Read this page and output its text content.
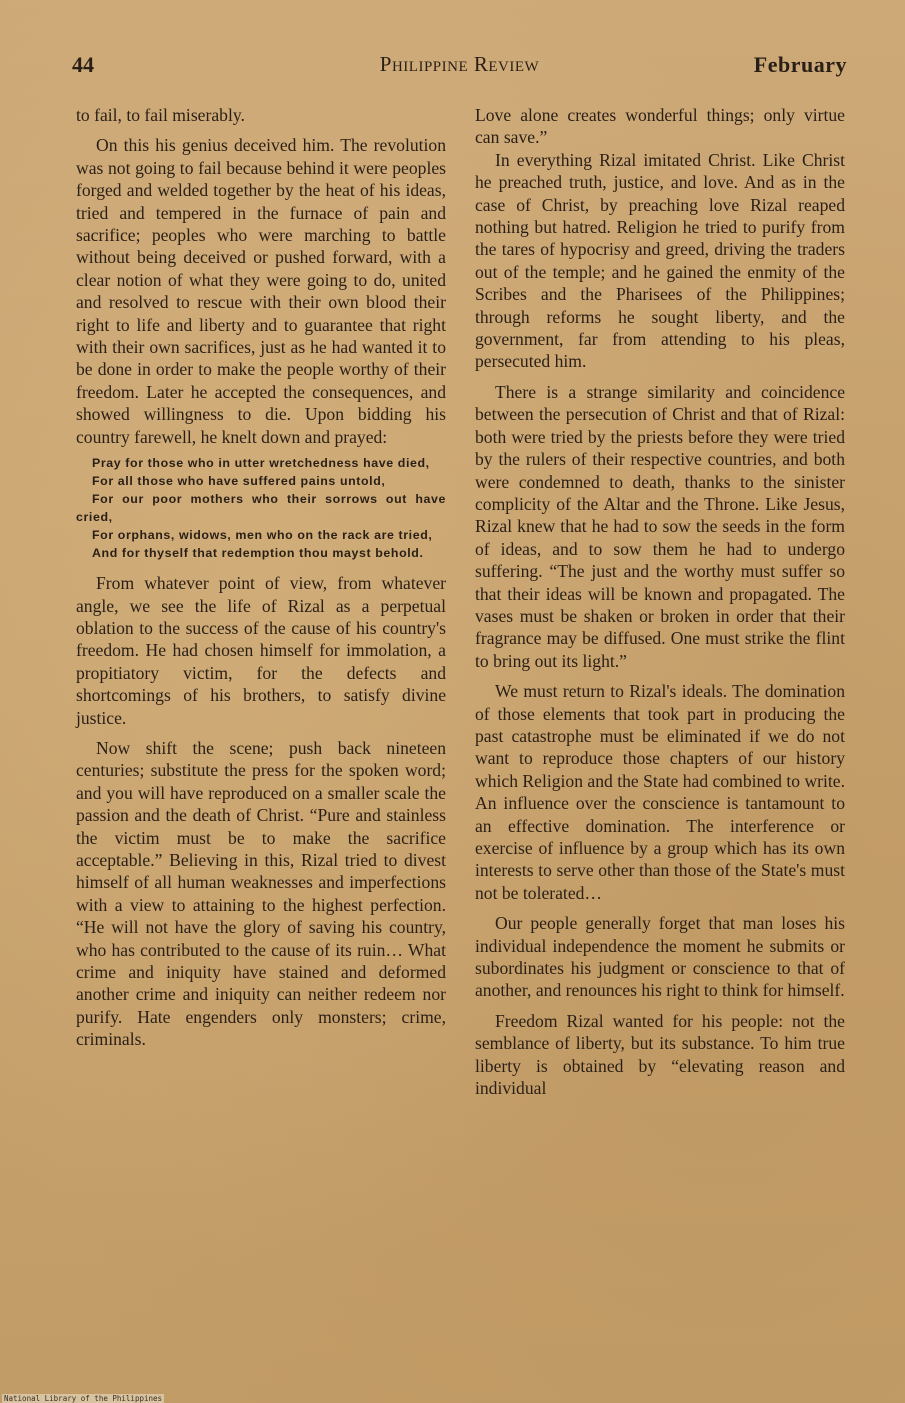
44	Philippine Review	February

to fail, to fail miserably.

On this his genius deceived him. The revolution was not going to fail because behind it were peoples forged and welded together by the heat of his ideas, tried and tempered in the furnace of pain and sacrifice; peoples who were marching to battle without being deceived or pushed forward, with a clear notion of what they were going to do, united and resolved to rescue with their own blood their right to life and liberty and to guarantee that right with their own sacrifices, just as he had wanted it to be done in order to make the people worthy of their freedom. Later he accepted the consequences, and showed willingness to die. Upon bidding his country farewell, he knelt down and prayed:

Pray for those who in utter wretchedness have died,
For all those who have suffered pains untold,
For our poor mothers who their sorrows out have cried,
For orphans, widows, men who on the rack are tried,
And for thyself that redemption thou mayst behold.

From whatever point of view, from whatever angle, we see the life of Rizal as a perpetual oblation to the success of the cause of his country's freedom. He had chosen himself for immolation, a propitiatory victim, for the defects and shortcomings of his brothers, to satisfy divine justice.

Now shift the scene; push back nineteen centuries; substitute the press for the spoken word; and you will have reproduced on a smaller scale the passion and the death of Christ. “Pure and stainless the victim must be to make the sacrifice acceptable.” Believing in this, Rizal tried to divest himself of all human weaknesses and imperfections with a view to attaining to the highest perfection. “He will not have the glory of saving his country, who has contributed to the cause of its ruin… What crime and iniquity have stained and deformed another crime and iniquity can neither redeem nor purify. Hate engenders only monsters; crime, criminals.

Love alone creates wonderful things; only virtue can save.”

In everything Rizal imitated Christ. Like Christ he preached truth, justice, and love. And as in the case of Christ, by preaching love Rizal reaped nothing but hatred. Religion he tried to purify from the tares of hypocrisy and greed, driving the traders out of the temple; and he gained the enmity of the Scribes and the Pharisees of the Philippines; through reforms he sought liberty, and the government, far from attending to his pleas, persecuted him.

There is a strange similarity and coincidence between the persecution of Christ and that of Rizal: both were tried by the priests before they were tried by the rulers of their respective countries, and both were condemned to death, thanks to the sinister complicity of the Altar and the Throne. Like Jesus, Rizal knew that he had to sow the seeds in the form of ideas, and to sow them he had to undergo suffering. “The just and the worthy must suffer so that their ideas will be known and propagated. The vases must be shaken or broken in order that their fragrance may be diffused. One must strike the flint to bring out its light.”

We must return to Rizal's ideals. The domination of those elements that took part in producing the past catastrophe must be eliminated if we do not want to reproduce those chapters of our history which Religion and the State had combined to write. An influence over the conscience is tantamount to an effective domination. The interference or exercise of influence by a group which has its own interests to serve other than those of the State's must not be tolerated…

Our people generally forget that man loses his individual independence the moment he submits or subordinates his judgment or conscience to that of another, and renounces his right to think for himself.

Freedom Rizal wanted for his people: not the semblance of liberty, but its substance. To him true liberty is obtained by “elevating reason and individual

National Library of the Philippines
